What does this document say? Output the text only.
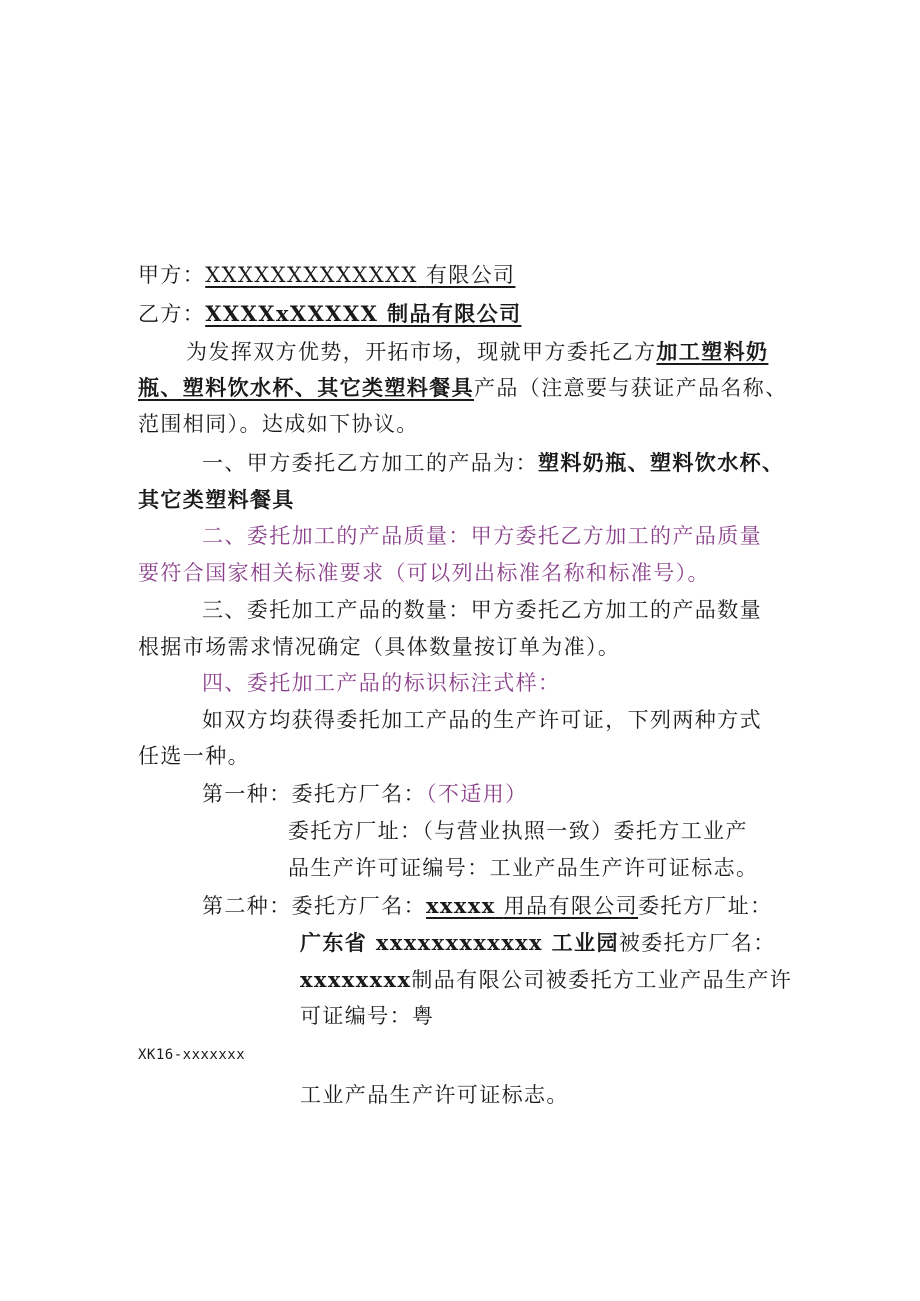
甲方：XXXXXXXXXXXXX 有限公司
乙方：XXXXxXXXXX 制品有限公司
为发挥双方优势，开拓市场，现就甲方委托乙方加工塑料奶
瓶、塑料饮水杯、其它类塑料餐具产品（注意要与获证产品名称、
范围相同）。达成如下协议。
一、甲方委托乙方加工的产品为：塑料奶瓶、塑料饮水杯、
其它类塑料餐具
二、委托加工的产品质量：甲方委托乙方加工的产品质量
要符合国家相关标准要求（可以列出标准名称和标准号）。
三、委托加工产品的数量：甲方委托乙方加工的产品数量
根据市场需求情况确定（具体数量按订单为准）。
四、委托加工产品的标识标注式样：
如双方均获得委托加工产品的生产许可证，下列两种方式
任选一种。
第一种：委托方厂名：（不适用）
委托方厂址：（与营业执照一致）委托方工业产
品生产许可证编号：工业产品生产许可证标志。
第二种：委托方厂名：xxxxx 用品有限公司委托方厂址：
广东省 xxxxxxxxxxxx 工业园被委托方厂名：
xxxxxxxx制品有限公司被委托方工业产品生产许
可证编号：粤
XK16-xxxxxxx
工业产品生产许可证标志。
